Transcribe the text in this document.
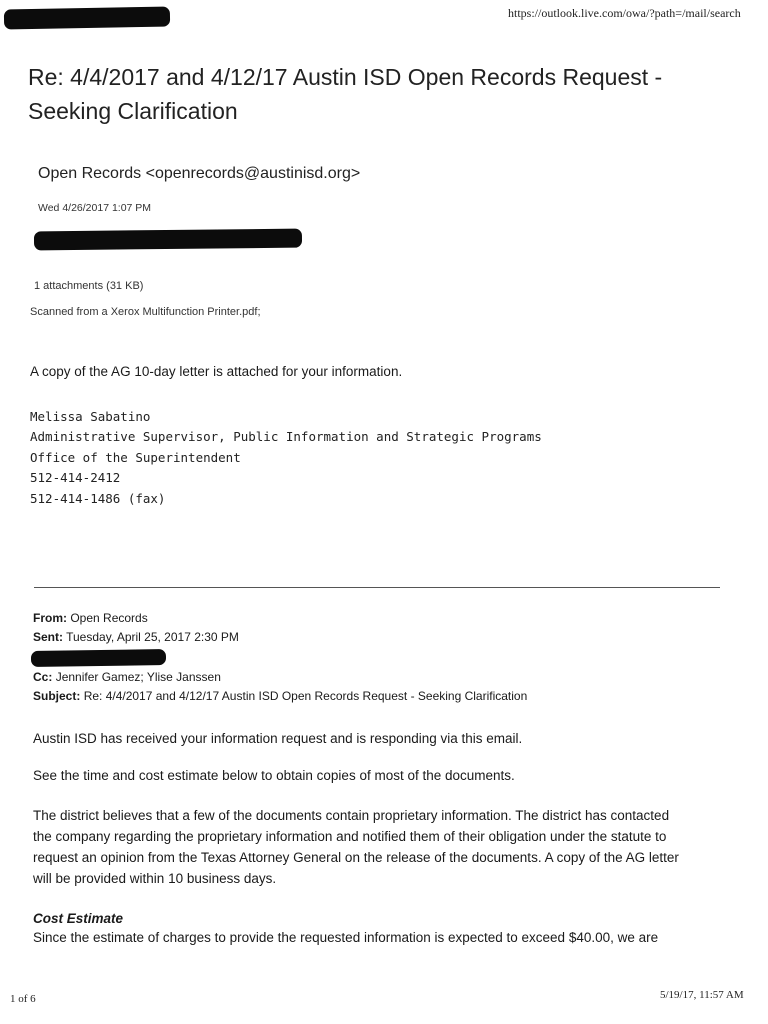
https://outlook.live.com/owa/?path=/mail/search
Re: 4/4/2017 and 4/12/17 Austin ISD Open Records Request -
Seeking Clarification
Open Records <openrecords@austinisd.org>
Wed 4/26/2017 1:07 PM
1 attachments (31 KB)
Scanned from a Xerox Multifunction Printer.pdf;
A copy of the AG 10-day letter is attached for your information.
Melissa Sabatino
Administrative Supervisor, Public Information and Strategic Programs
Office of the Superintendent
512-414-2412
512-414-1486 (fax)
From: Open Records
Sent: Tuesday, April 25, 2017 2:30 PM
Cc: Jennifer Gamez; Ylise Janssen
Subject: Re: 4/4/2017 and 4/12/17 Austin ISD Open Records Request - Seeking Clarification
Austin ISD has received your information request and is responding via this email.
See the time and cost estimate below to obtain copies of most of the documents.
The district believes that a few of the documents contain proprietary information. The district has contacted
the company regarding the proprietary information and notified them of their obligation under the statute to
request an opinion from the Texas Attorney General on the release of the documents. A copy of the AG letter
will be provided within 10 business days.
Cost Estimate
Since the estimate of charges to provide the requested information is expected to exceed $40.00, we are
1 of 6	5/19/17, 11:57 AM
